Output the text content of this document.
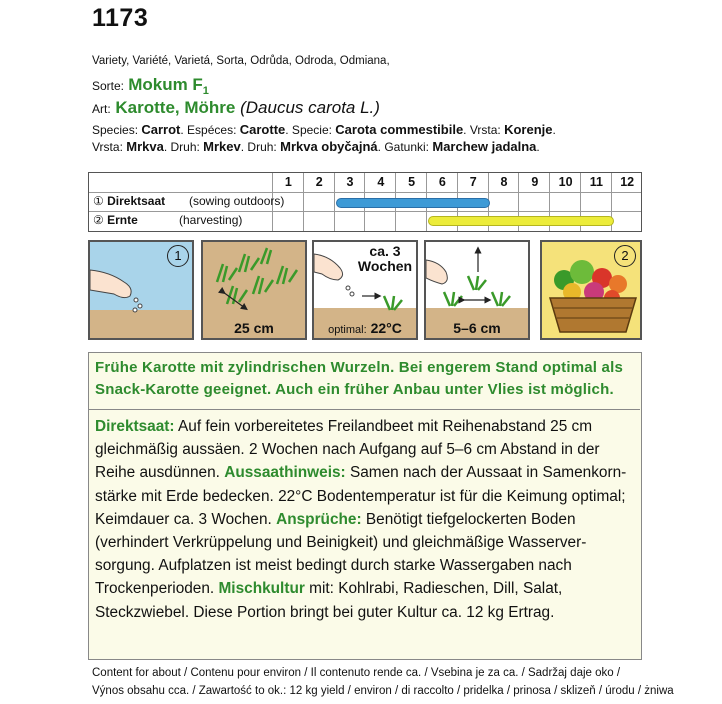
1173
Variety, Variété, Varietá, Sorta, Odrůda, Odroda, Odmiana,
Sorte: Mokum $F_1$
Art: Karotte, Möhre (Daucus carota L.)
Species: Carrot. Espéces: Carotte. Specie: Carota commestibile. Vrsta: Korenje.
Vrsta: Mrkva. Druh: Mrkev. Druh: Mrkva obyčajná. Gatunki: Marchew jadalna.
1	2	3	4	5	6	7	8	9	10	11	12
① Direktsaat (sowing outdoors)
② Ernte	(harvesting)
1
25 cm
ca. 3
Wochen
optimal: 22°C	5–6 cm
2
Frühe Karotte mit zylindrischen Wurzeln. Bei engerem Stand optimal als Snack-Karotte geeignet. Auch ein früher Anbau unter Vlies ist möglich.
Direktsaat: Auf fein vorbereitetes Freilandbeet mit Reihenabstand 25 cm gleichmäßig aussäen. 2 Wochen nach Aufgang auf 5–6 cm Abstand in der Reihe ausdünnen. Aussaathinweis: Samen nach der Aussaat in Samenkorn-stärke mit Erde bedecken. 22°C Bodentemperatur ist für die Keimung optimal; Keimdauer ca. 3 Wochen. Ansprüche: Benötigt tiefgelockerten Boden (verhindert Verkrüppelung und Beinigkeit) und gleichmäßige Wasserver-sorgung. Aufplatzen ist meist bedingt durch starke Wassergaben nach Trockenperioden. Mischkultur mit: Kohlrabi, Radieschen, Dill, Salat, Steckzwiebel. Diese Portion bringt bei guter Kultur ca. 12 kg Ertrag.
Content for about / Contenu pour environ / Il contenuto rende ca. / Vsebina je za ca. / Sadržaj daje oko /
Výnos obsahu cca. / Zawartość to ok.: 12 kg yield / environ / di raccolto / pridelka / prinosa / sklizeň / úrodu / żniwa
